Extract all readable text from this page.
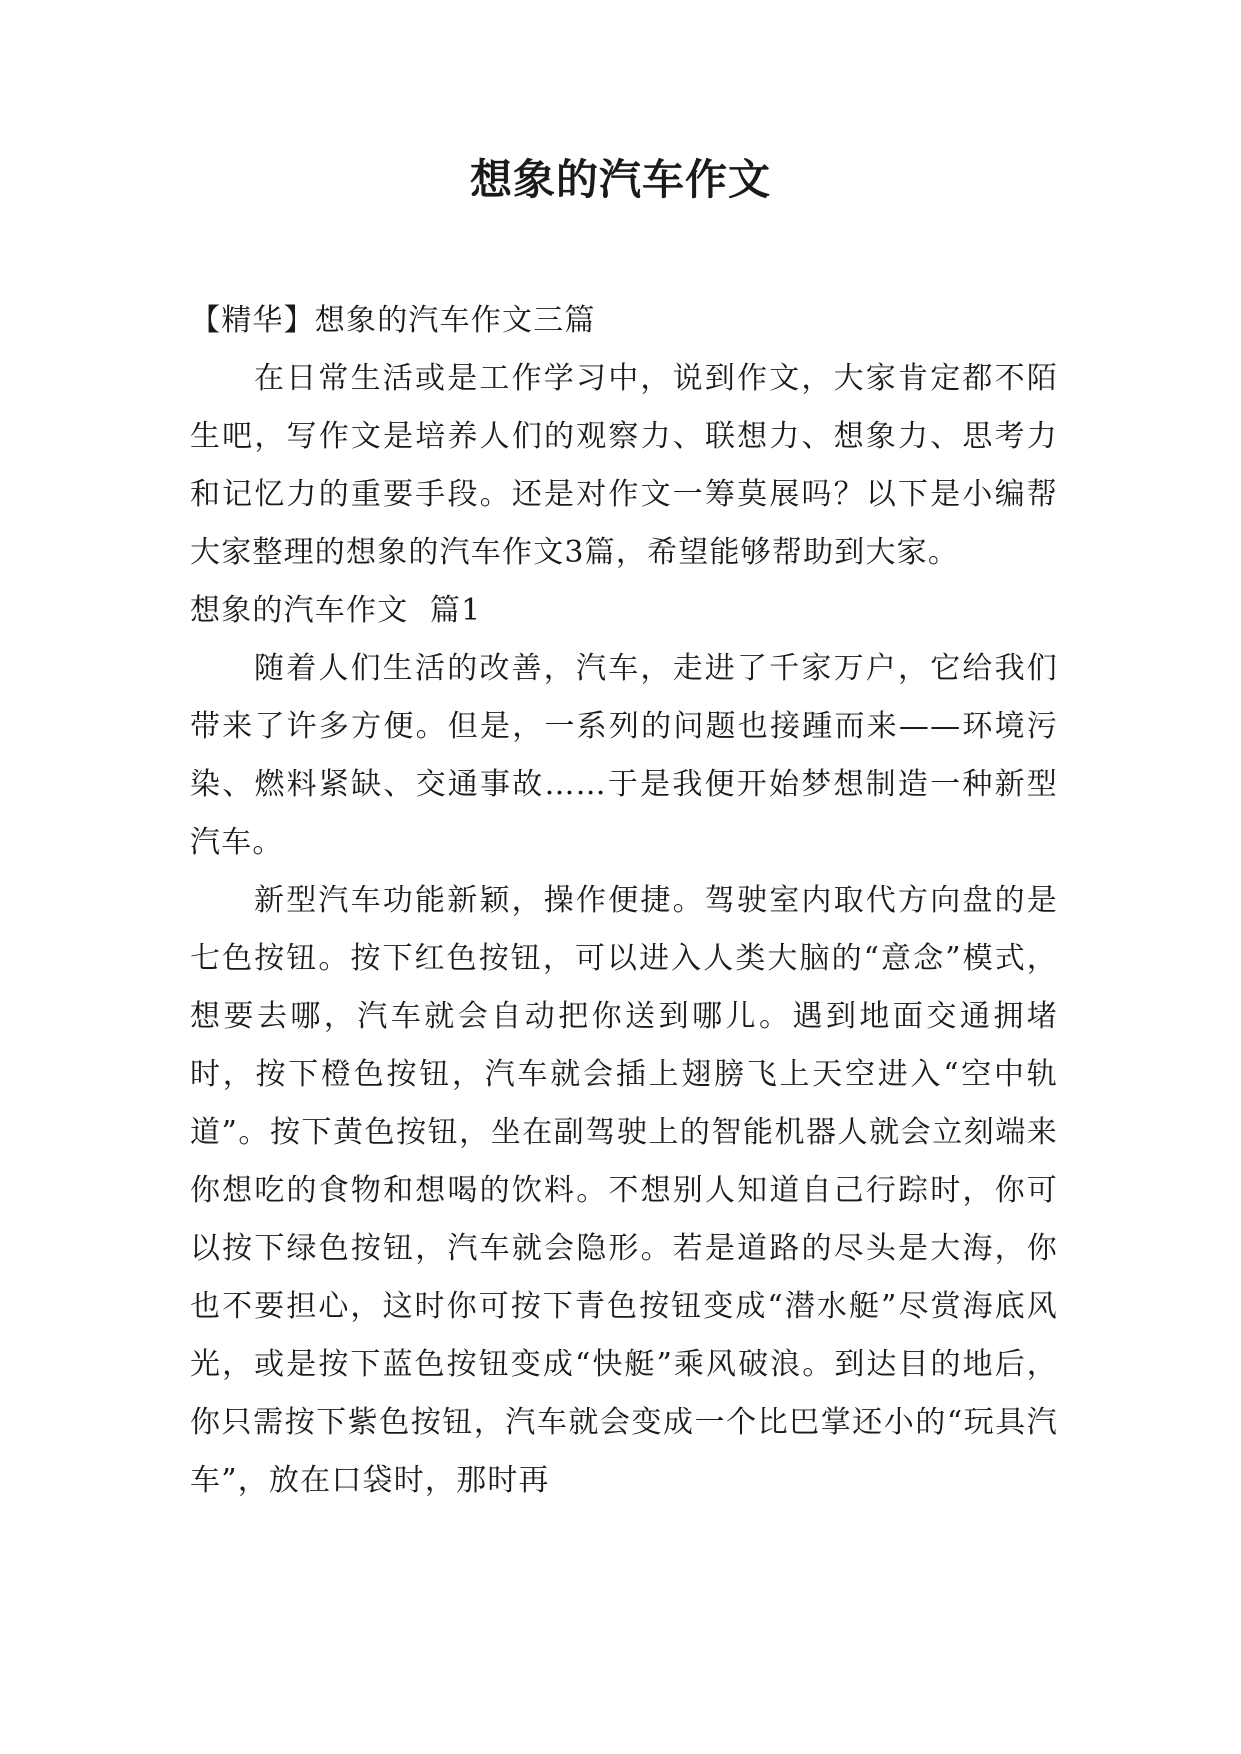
想象的汽车作文

【精华】想象的汽车作文三篇

在日常生活或是工作学习中，说到作文，大家肯定都不陌生吧，写作文是培养人们的观察力、联想力、想象力、思考力和记忆力的重要手段。还是对作文一筹莫展吗？以下是小编帮大家整理的想象的汽车作文3篇，希望能够帮助到大家。

想象的汽车作文  篇1

随着人们生活的改善，汽车，走进了千家万户，它给我们带来了许多方便。但是，一系列的问题也接踵而来——环境污染、燃料紧缺、交通事故……于是我便开始梦想制造一种新型汽车。

新型汽车功能新颖，操作便捷。驾驶室内取代方向盘的是七色按钮。按下红色按钮，可以进入人类大脑的“意念”模式，想要去哪，汽车就会自动把你送到哪儿。遇到地面交通拥堵时，按下橙色按钮，汽车就会插上翅膀飞上天空进入“空中轨道”。按下黄色按钮，坐在副驾驶上的智能机器人就会立刻端来你想吃的食物和想喝的饮料。不想别人知道自己行踪时，你可以按下绿色按钮，汽车就会隐形。若是道路的尽头是大海，你也不要担心，这时你可按下青色按钮变成“潜水艇”尽赏海底风光，或是按下蓝色按钮变成“快艇”乘风破浪。到达目的地后，你只需按下紫色按钮，汽车就会变成一个比巴掌还小的“玩具汽车”，放在口袋时，那时再
